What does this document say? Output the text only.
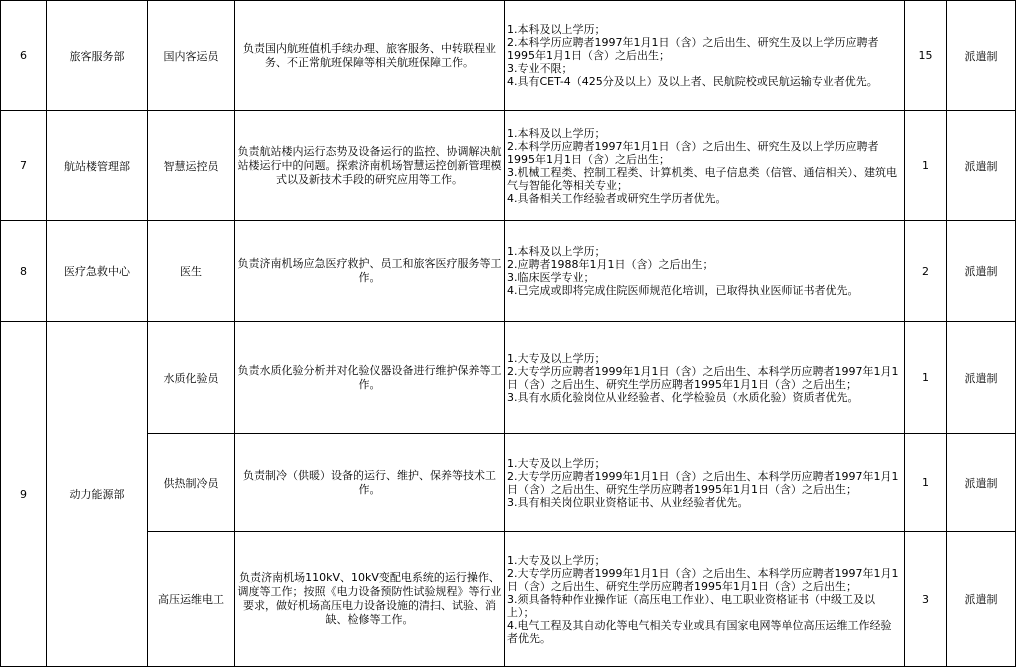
6	旅客服务部	国内客运员	负责国内航班值机手续办理、旅客服务、中转联程业务、不正常航班保障等相关航班保障工作。	1.本科及以上学历；
2.本科学历应聘者1997年1月1日（含）之后出生、研究生及以上学历应聘者1995年1月1日（含）之后出生；
3.专业不限；
4.具有CET-4（425分及以上）及以上者、民航院校或民航运输专业者优先。	15	派遣制
7	航站楼管理部	智慧运控员	负责航站楼内运行态势及设备运行的监控、协调解决航站楼运行中的问题。探索济南机场智慧运控创新管理模式以及新技术手段的研究应用等工作。	1.本科及以上学历；
2.本科学历应聘者1997年1月1日（含）之后出生、研究生及以上学历应聘者1995年1月1日（含）之后出生；
3.机械工程类、控制工程类、计算机类、电子信息类（信管、通信相关）、建筑电气与智能化等相关专业；
4.具备相关工作经验者或研究生学历者优先。	1	派遣制
8	医疗急救中心	医生	负责济南机场应急医疗救护、员工和旅客医疗服务等工作。	1.本科及以上学历；
2.应聘者1988年1月1日（含）之后出生；
3.临床医学专业；
4.已完成或即将完成住院医师规范化培训，已取得执业医师证书者优先。	2	派遣制
9	动力能源部	水质化验员	负责水质化验分析并对化验仪器设备进行维护保养等工作。	1.大专及以上学历；
2.大专学历应聘者1999年1月1日（含）之后出生、本科学历应聘者1997年1月1日（含）之后出生、研究生学历应聘者1995年1月1日（含）之后出生；
3.具有水质化验岗位从业经验者、化学检验员（水质化验）资质者优先。	1	派遣制
		供热制冷员	负责制冷（供暖）设备的运行、维护、保养等技术工作。	1.大专及以上学历；
2.大专学历应聘者1999年1月1日（含）之后出生、本科学历应聘者1997年1月1日（含）之后出生、研究生学历应聘者1995年1月1日（含）之后出生；
3.具有相关岗位职业资格证书、从业经验者优先。	1	派遣制
		高压运维电工	负责济南机场110kV、10kV变配电系统的运行操作、调度等工作；按照《电力设备预防性试验规程》等行业要求，做好机场高压电力设备设施的清扫、试验、消缺、检修等工作。	1.大专及以上学历；
2.大专学历应聘者1999年1月1日（含）之后出生、本科学历应聘者1997年1月1日（含）之后出生、研究生学历应聘者1995年1月1日（含）之后出生；
3.须具备特种作业操作证（高压电工作业）、电工职业资格证书（中级工及以上）；
4.电气工程及其自动化等电气相关专业或具有国家电网等单位高压运维工作经验者优先。	3	派遣制
